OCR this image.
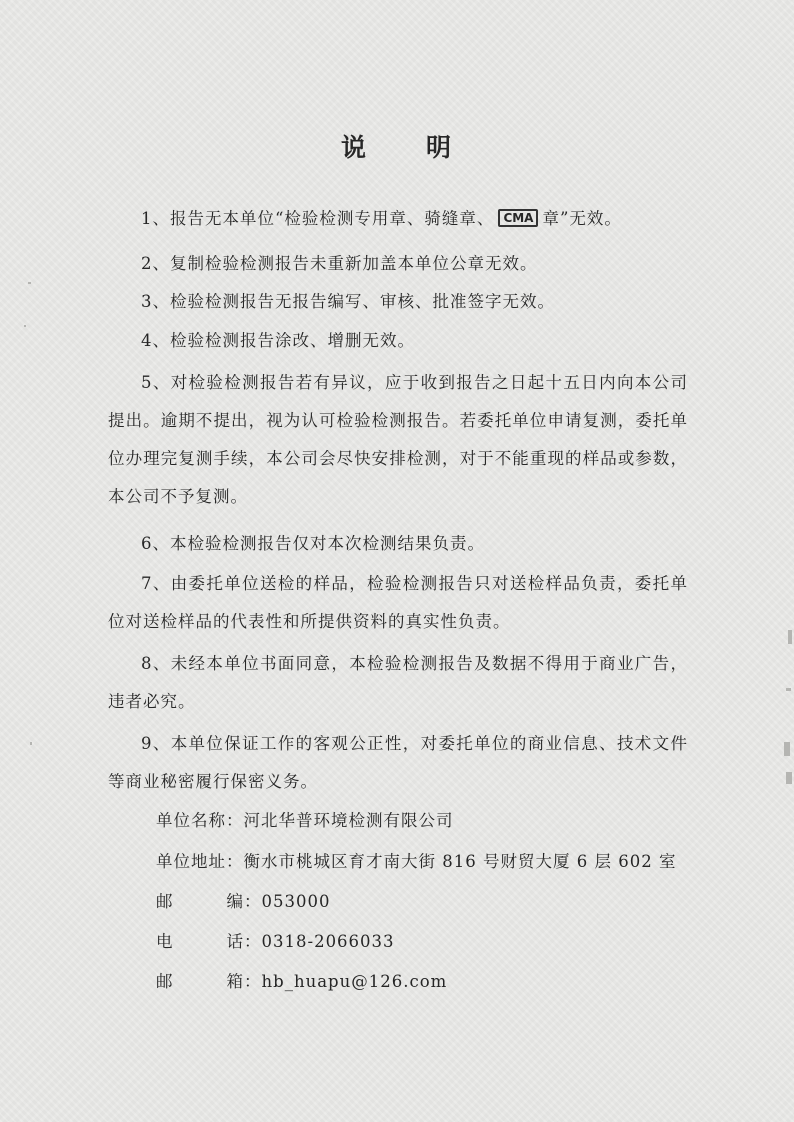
说 明
1、报告无本单位“检验检测专用章、骑缝章、 CMA 章”无效。
2、复制检验检测报告未重新加盖本单位公章无效。
3、检验检测报告无报告编写、审核、批准签字无效。
4、检验检测报告涂改、增删无效。
5、对检验检测报告若有异议，应于收到报告之日起十五日内向本公司提出。逾期不提出，视为认可检验检测报告。若委托单位申请复测，委托单位办理完复测手续，本公司会尽快安排检测，对于不能重现的样品或参数，本公司不予复测。
6、本检验检测报告仅对本次检测结果负责。
7、由委托单位送检的样品，检验检测报告只对送检样品负责，委托单位对送检样品的代表性和所提供资料的真实性负责。
8、未经本单位书面同意，本检验检测报告及数据不得用于商业广告，违者必究。
9、本单位保证工作的客观公正性，对委托单位的商业信息、技术文件等商业秘密履行保密义务。
单位名称：河北华普环境检测有限公司
单位地址：衡水市桃城区育才南大街 816 号财贸大厦 6 层 602 室
邮编：053000
电话：0318-2066033
邮箱：hb_huapu@126.com
